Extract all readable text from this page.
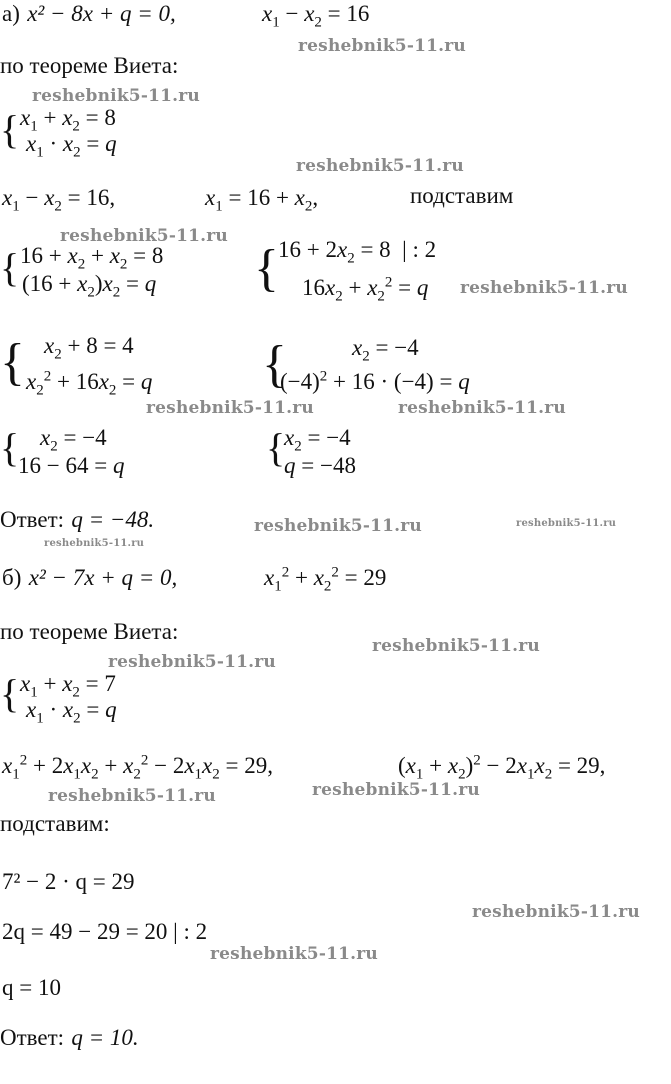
а) x² − 8x + q = 0,	$x_1 - x_2 = 16$
reshebnik5-11.ru
по теореме Виета:
reshebnik5-11.ru
{ $x_1 + x_2 = 8$
$x_1 \cdot x_2 = q$
reshebnik5-11.ru
$x_1 - x_2 = 16$,	$x_1 = 16 + x_2$,	подставим
reshebnik5-11.ru
{ $16 + x_2 + x_2 = 8$
$(16 + x_2)x_2 = q$ { $16 + 2x_2 = 8$  | : 2
$16x_2 + x_2^2 = q$ reshebnik5-11.ru
{ $x_2 + 8 = 4$
$x_2^2 + 16x_2 = q$ {	$x_2 = -4$
$(-4)^2 + 16 \cdot (-4) = q$
reshebnik5-11.ru	reshebnik5-11.ru
{ $x_2 = -4$
16 − 64 = q	{
$x_2 = -4$
q = −48
Ответ: q = −48.	reshebnik5-11.ru	reshebnik5-11.ru
reshebnik5-11.ru
б) x² − 7x + q = 0,	$x_1^2 + x_2^2 = 29$
по теореме Виета:
reshebnik5-11.ru
reshebnik5-11.ru
{ $x_1 + x_2 = 7$
$x_1 \cdot x_2 = q$
$x_1^2 + 2x_1x_2 + x_2^2 - 2x_1x_2 = 29$,	$(x_1 + x_2)^2 - 2x_1x_2 = 29$,
reshebnik5-11.ru	reshebnik5-11.ru
подставим:
7² − 2 · q = 29
reshebnik5-11.ru
2q = 49 − 29 = 20 | : 2
reshebnik5-11.ru
q = 10
Ответ: q = 10.
